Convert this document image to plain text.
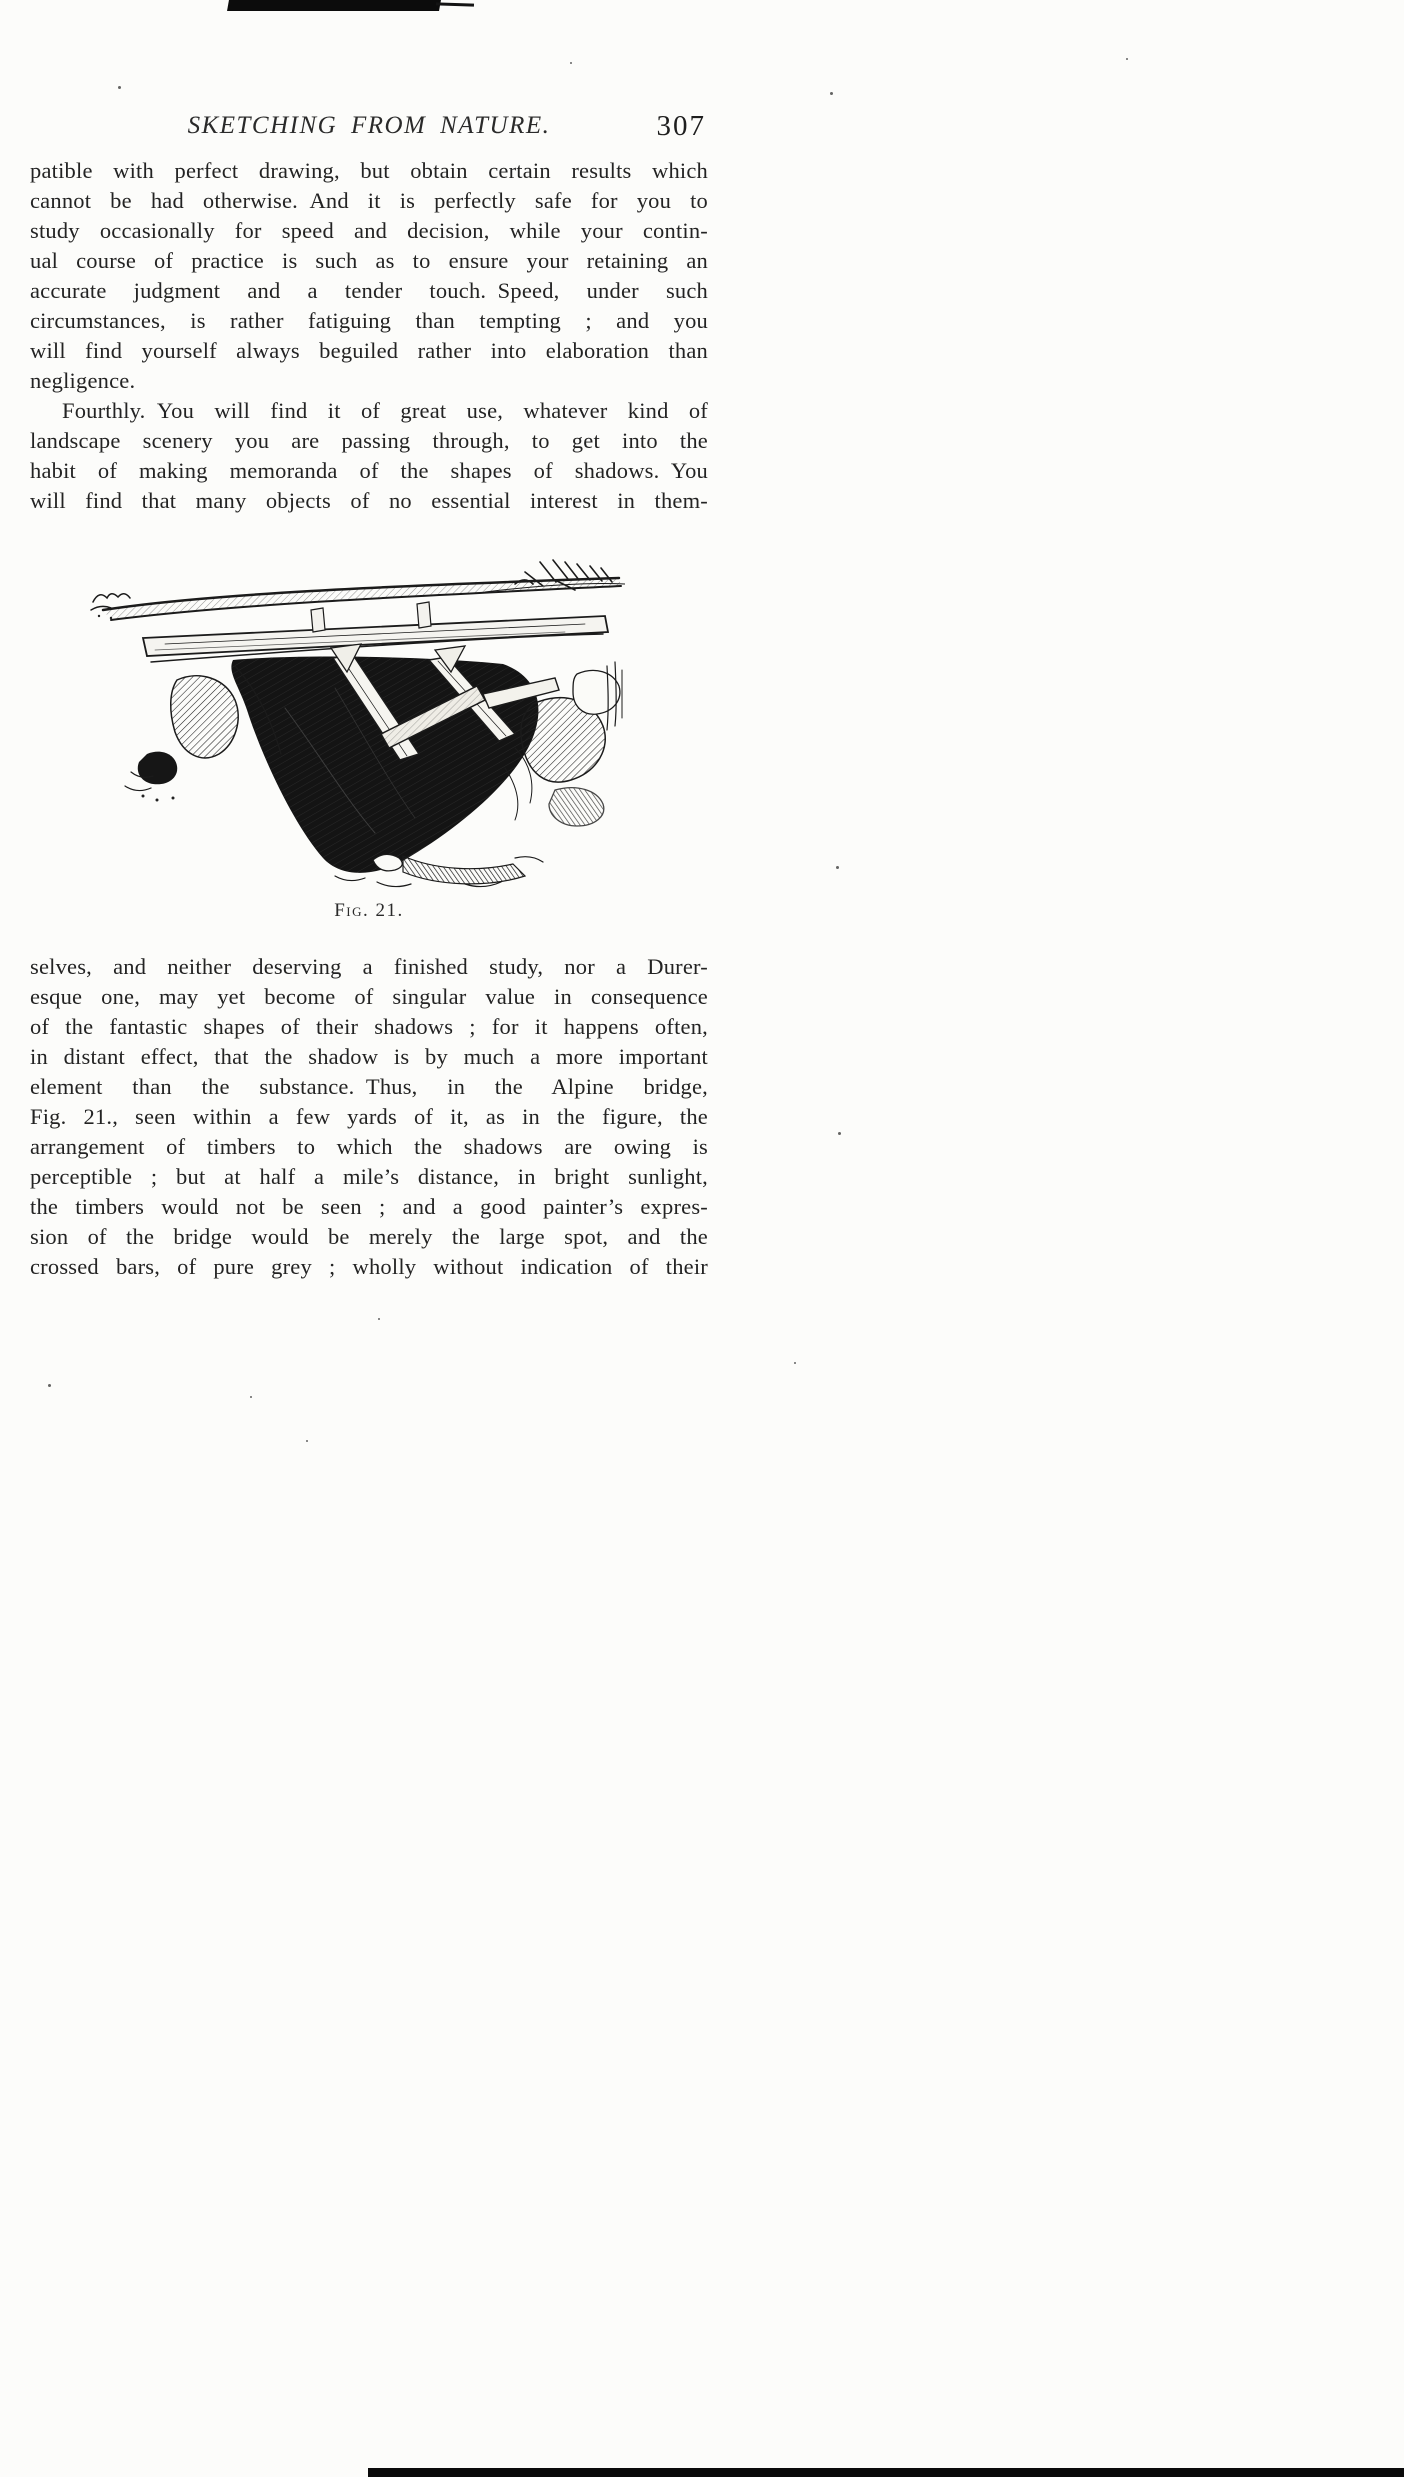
SKETCHING FROM NATURE.	307
patible with perfect drawing, but obtain certain results which
cannot be had otherwise. And it is perfectly safe for you to
study occasionally for speed and decision, while your contin-
ual course of practice is such as to ensure your retaining an
accurate judgment and a tender touch. Speed, under such
circumstances, is rather fatiguing than tempting ; and you
will find yourself always beguiled rather into elaboration than
negligence.
Fourthly. You will find it of great use, whatever kind of
landscape scenery you are passing through, to get into the
habit of making memoranda of the shapes of shadows. You
will find that many objects of no essential interest in them-
Fig. 21.
selves, and neither deserving a finished study, nor a Durer-
esque one, may yet become of singular value in consequence
of the fantastic shapes of their shadows ; for it happens often,
in distant effect, that the shadow is by much a more important
element than the substance. Thus, in the Alpine bridge,
Fig. 21., seen within a few yards of it, as in the figure, the
arrangement of timbers to which the shadows are owing is
perceptible ; but at half a mile’s distance, in bright sunlight,
the timbers would not be seen ; and a good painter’s expres-
sion of the bridge would be merely the large spot, and the
crossed bars, of pure grey ; wholly without indication of their
